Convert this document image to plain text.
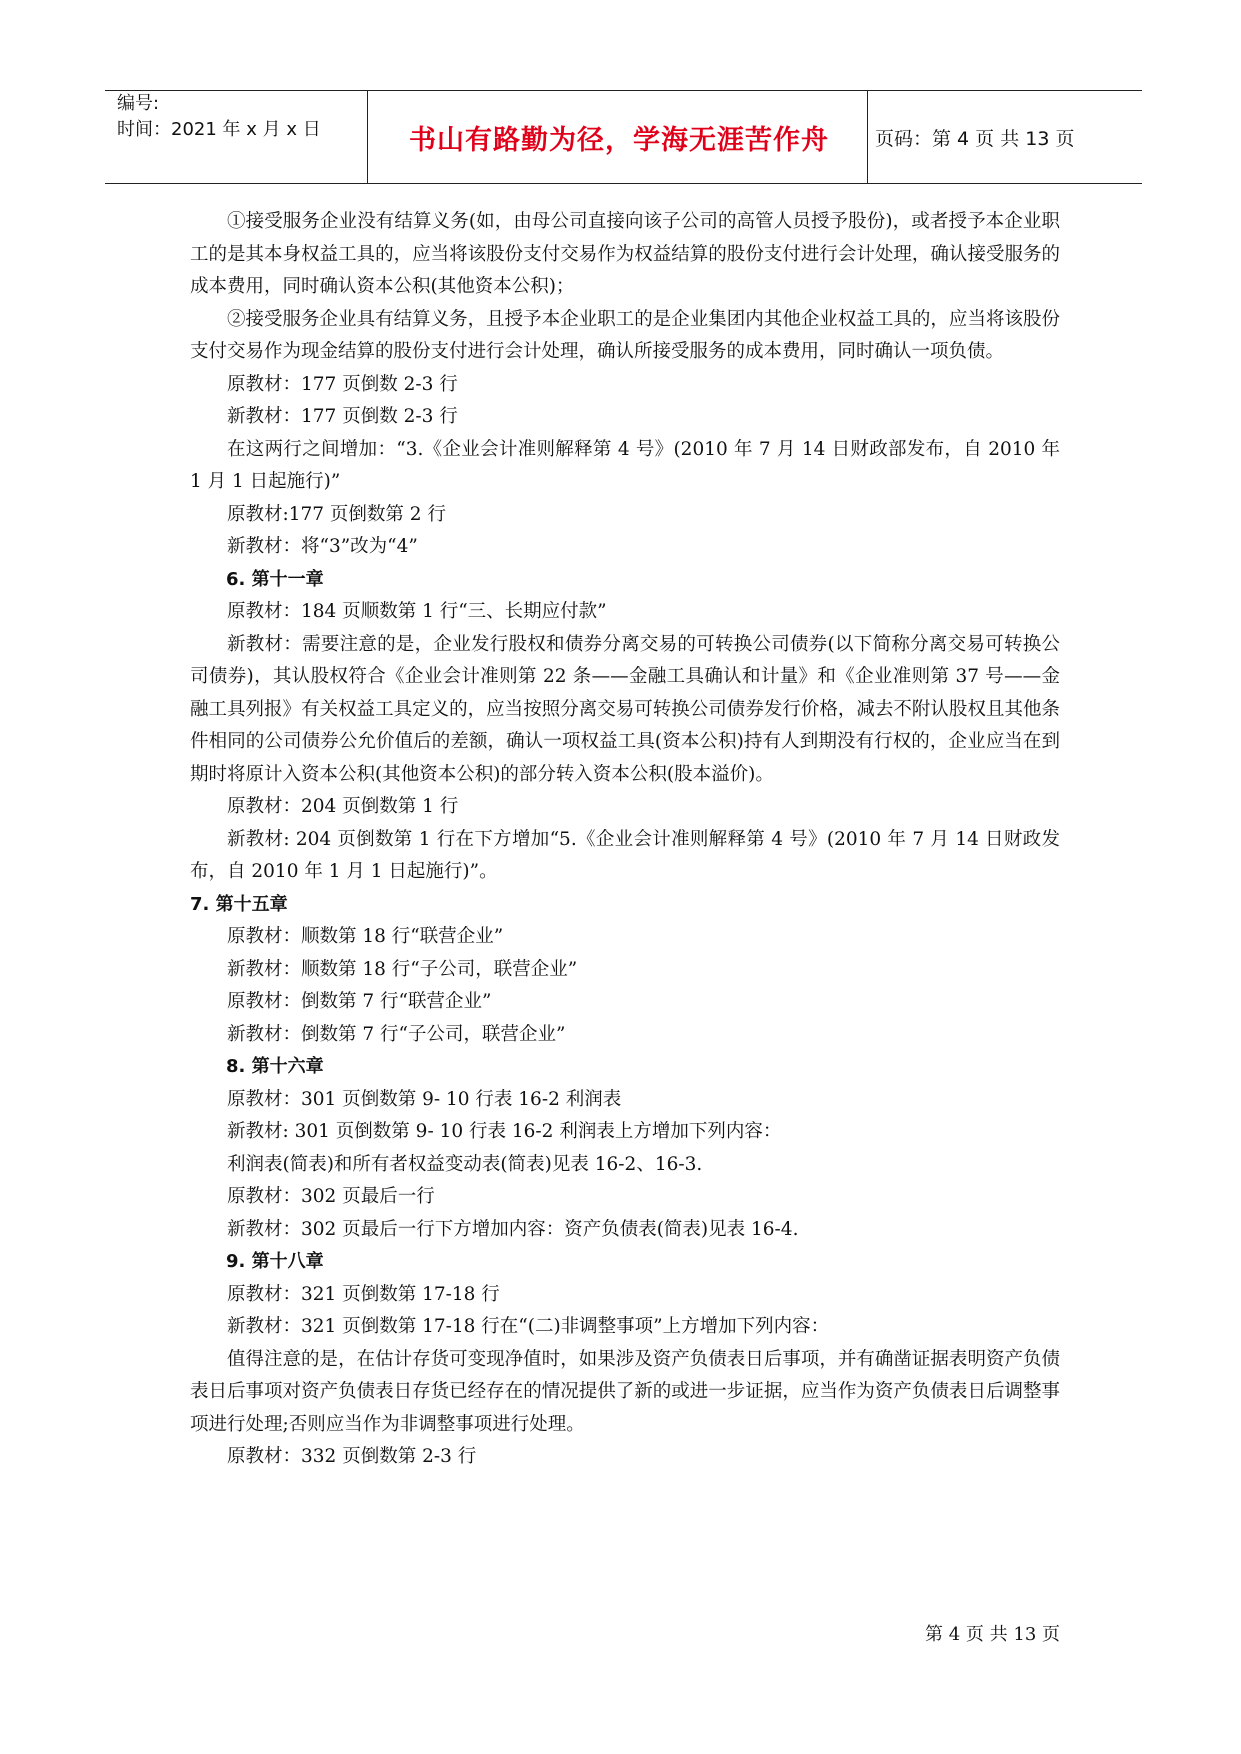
编号:
时间：2021 年 x 月 x 日	书山有路勤为径，学海无涯苦作舟	页码：第 4 页 共 13 页

①接受服务企业没有结算义务(如，由母公司直接向该子公司的高管人员授予股份)，或者授予本企业职工的是其本身权益工具的，应当将该股份支付交易作为权益结算的股份支付进行会计处理，确认接受服务的成本费用，同时确认资本公积(其他资本公积)；

②接受服务企业具有结算义务，且授予本企业职工的是企业集团内其他企业权益工具的，应当将该股份支付交易作为现金结算的股份支付进行会计处理，确认所接受服务的成本费用，同时确认一项负债。

原教材：177 页倒数 2-3 行

新教材：177 页倒数 2-3 行

在这两行之间增加：“3.《企业会计准则解释第 4 号》(2010 年 7 月 14 日财政部发布，自 2010 年 1 月 1 日起施行)”

原教材:177 页倒数第 2 行

新教材：将“3”改为“4”

6. 第十一章

原教材：184 页顺数第 1 行“三、长期应付款”

新教材：需要注意的是，企业发行股权和债券分离交易的可转换公司债券(以下简称分离交易可转换公司债券)，其认股权符合《企业会计准则第 22 条——金融工具确认和计量》和《企业准则第 37 号——金融工具列报》有关权益工具定义的，应当按照分离交易可转换公司债券发行价格，减去不附认股权且其他条件相同的公司债券公允价值后的差额，确认一项权益工具(资本公积)持有人到期没有行权的，企业应当在到期时将原计入资本公积(其他资本公积)的部分转入资本公积(股本溢价)。

原教材：204 页倒数第 1 行

新教材: 204 页倒数第 1 行在下方增加“5.《企业会计准则解释第 4 号》(2010 年 7 月 14 日财政发布，自 2010 年 1 月 1 日起施行)”。

7. 第十五章

原教材：顺数第 18 行“联营企业”

新教材：顺数第 18 行“子公司，联营企业”

原教材：倒数第 7 行“联营企业”

新教材：倒数第 7 行“子公司，联营企业”

8. 第十六章

原教材：301 页倒数第 9- 10 行表 16-2 利润表

新教材: 301 页倒数第 9- 10 行表 16-2 利润表上方增加下列内容：

利润表(简表)和所有者权益变动表(简表)见表 16-2、16-3.

原教材：302 页最后一行

新教材：302 页最后一行下方增加内容：资产负债表(简表)见表 16-4.

9. 第十八章

原教材：321 页倒数第 17-18 行

新教材：321 页倒数第 17-18 行在“(二)非调整事项”上方增加下列内容：

值得注意的是，在估计存货可变现净值时，如果涉及资产负债表日后事项，并有确凿证据表明资产负债表日后事项对资产负债表日存货已经存在的情况提供了新的或进一步证据，应当作为资产负债表日后调整事项进行处理;否则应当作为非调整事项进行处理。

原教材：332 页倒数第 2-3 行

第 4 页 共 13 页
